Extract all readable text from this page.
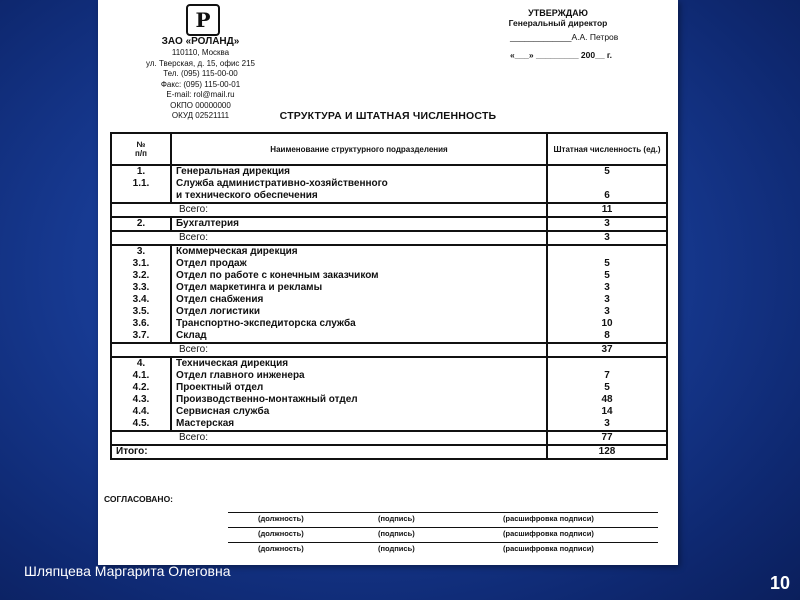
Р
ЗАО «РОЛАНД»
110110, Москва
ул. Тверская, д. 15, офис 215
Тел. (095) 115-00-00
Факс: (095) 115-00-01
E-mail: rol@mail.ru
ОКПО 00000000
ОКУД 02521111
УТВЕРЖДАЮ
Генеральный директор
_____________А.А. Петров
«___» _________ 200__ г.
СТРУКТУРА И ШТАТНАЯ ЧИСЛЕННОСТЬ
№
п/п	Наименование структурного подразделения	Штатная численность (ед.)
1.	Генеральная дирекция	5
1.1.	Служба административно-хозяйственного	
	и технического обеспечения	6
	Всего:	11
2.	Бухгалтерия	3
	Всего:	3
3.	Коммерческая дирекция	
3.1.	Отдел продаж	5
3.2.	Отдел по работе с конечным заказчиком	5
3.3.	Отдел маркетинга и рекламы	3
3.4.	Отдел снабжения	3
3.5.	Отдел логистики	3
3.6.	Транспортно-экспедиторска служба	10
3.7.	Склад	8
	Всего:	37
4.	Техническая дирекция	
4.1.	Отдел главного инженера	7
4.2.	Проектный отдел	5
4.3.	Производственно-монтажный отдел	48
4.4.	Сервисная служба	14
4.5.	Мастерская	3
	Всего:	77
Итого:		128
СОГЛАСОВАНО:
(должность)	(подпись)	(расшифровка подписи)
(должность)	(подпись)	(расшифровка подписи)
(должность)	(подпись)	(расшифровка подписи)
Шляпцева Маргарита Олеговна
10
